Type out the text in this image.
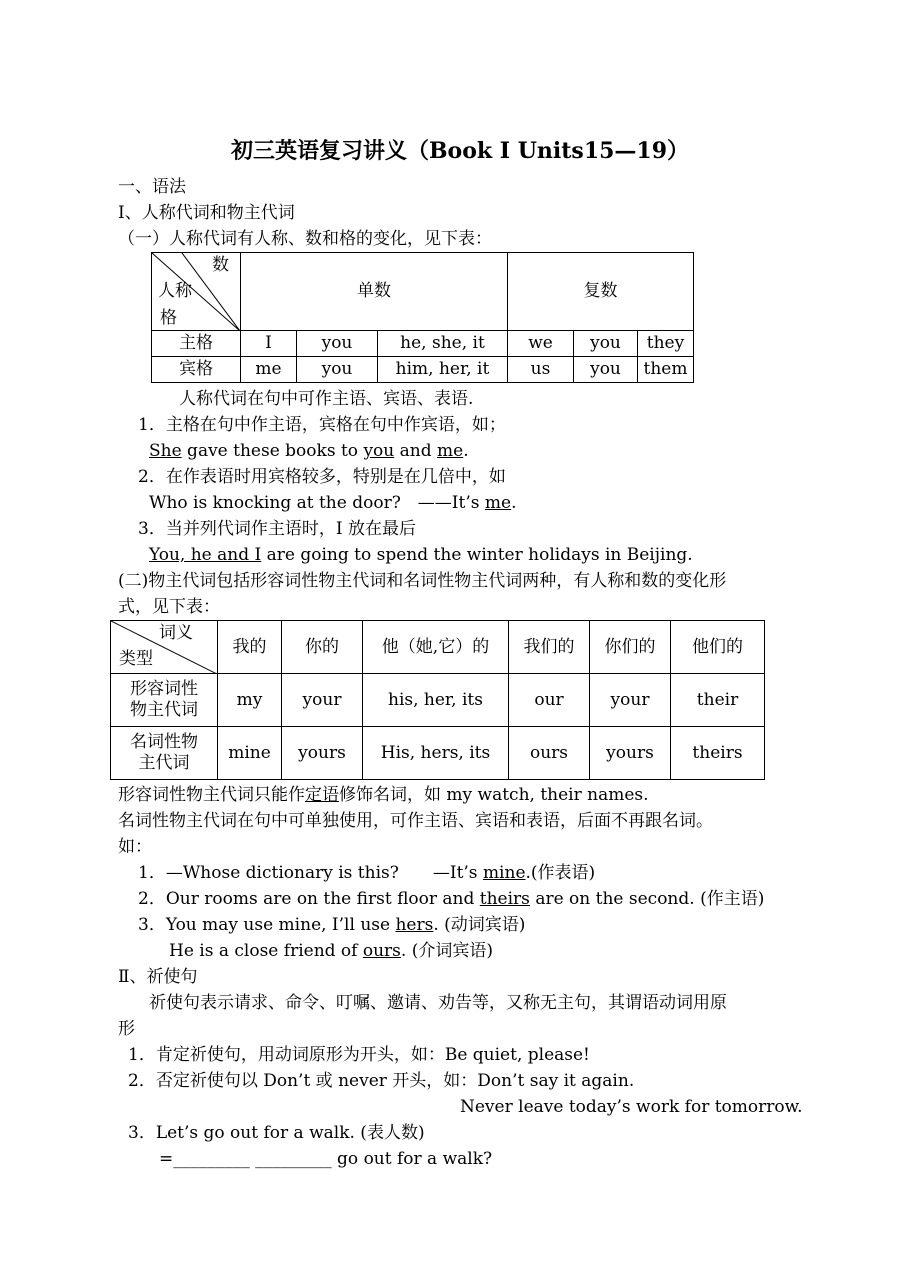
初三英语复习讲义（Book I Units15—19）
一、语法
Ⅰ、人称代词和物主代词
（一）人称代词有人称、数和格的变化，见下表：
数
人称
格	单数			复数		
主格	I	you	he, she, it	we	you	they
宾格	me	you	him, her, it	us	you	them
人称代词在句中可作主语、宾语、表语.
1．主格在句中作主语，宾格在句中作宾语，如；
She gave these books to you and me.
2．在作表语时用宾格较多，特别是在几倍中，如
Who is knocking at the door?　——It’s me.
3．当并列代词作主语时，I 放在最后
You, he and I are going to spend the winter holidays in Beijing.
(二)物主代词包括形容词性物主代词和名词性物主代词两种，有人称和数的变化形
式，见下表：
词义
类型	我的	你的	他（她,它）的	我们的	你们的	他们的

形容词性
物主代词	my	your	his, her, its	our	your	their

名词性物
主代词	mine	yours	His, hers, its	ours	yours	theirs
形容词性物主代词只能作定语修饰名词，如 my watch, their names.
名词性物主代词在句中可单独使用，可作主语、宾语和表语，后面不再跟名词。
如：
1．—Whose dictionary is this?　　—It’s mine.(作表语)
2．Our rooms are on the first floor and theirs are on the second. (作主语)
3．You may use mine, I’ll use hers. (动词宾语)
He is a close friend of ours. (介词宾语)
Ⅱ、祈使句
祈使句表示请求、命令、叮嘱、邀请、劝告等，又称无主句，其谓语动词用原
形
1．肯定祈使句，用动词原形为开头，如：Be quiet, please!
2．否定祈使句以 Don’t 或 never 开头，如：Don’t say it again.
Never leave today’s work for tomorrow.
3．Let’s go out for a walk. (表人数)
=_________ _________ go out for a walk?
